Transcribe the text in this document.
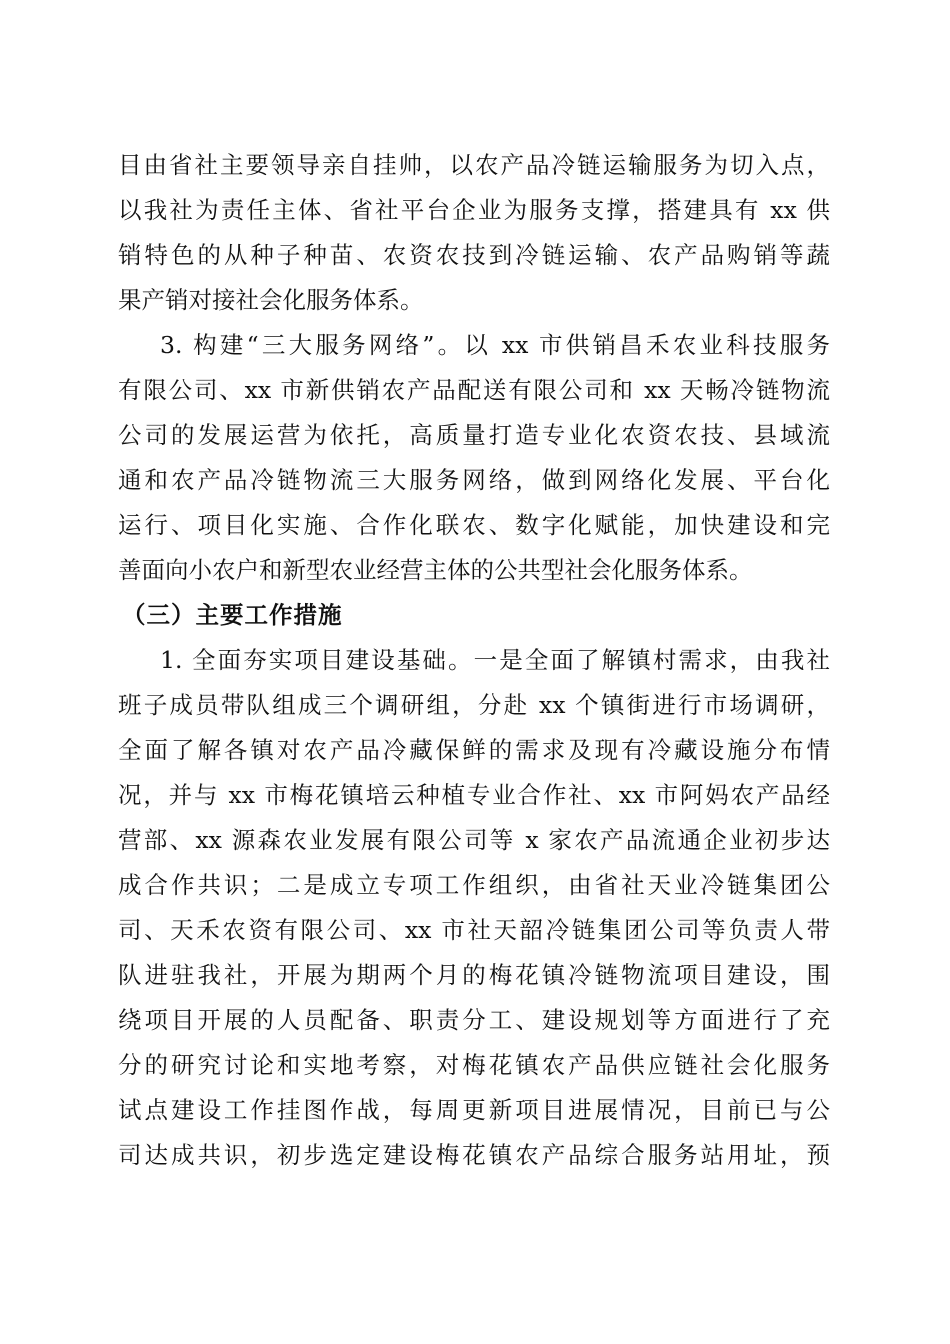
目由省社主要领导亲自挂帅，以农产品冷链运输服务为切入点，
以我社为责任主体、省社平台企业为服务支撑，搭建具有 xx 供
销特色的从种子种苗、农资农技到冷链运输、农产品购销等蔬
果产销对接社会化服务体系。
3. 构建“三大服务网络”。以 xx 市供销昌禾农业科技服务
有限公司、xx 市新供销农产品配送有限公司和 xx 天畅冷链物流
公司的发展运营为依托，高质量打造专业化农资农技、县域流
通和农产品冷链物流三大服务网络，做到网络化发展、平台化
运行、项目化实施、合作化联农、数字化赋能，加快建设和完
善面向小农户和新型农业经营主体的公共型社会化服务体系。
（三）主要工作措施
1. 全面夯实项目建设基础。一是全面了解镇村需求，由我社
班子成员带队组成三个调研组，分赴 xx 个镇街进行市场调研，
全面了解各镇对农产品冷藏保鲜的需求及现有冷藏设施分布情
况，并与 xx 市梅花镇培云种植专业合作社、xx 市阿妈农产品经
营部、xx 源森农业发展有限公司等 x 家农产品流通企业初步达
成合作共识；二是成立专项工作组织，由省社天业冷链集团公
司、天禾农资有限公司、xx 市社天韶冷链集团公司等负责人带
队进驻我社，开展为期两个月的梅花镇冷链物流项目建设，围
绕项目开展的人员配备、职责分工、建设规划等方面进行了充
分的研究讨论和实地考察，对梅花镇农产品供应链社会化服务
试点建设工作挂图作战，每周更新项目进展情况，目前已与公
司达成共识，初步选定建设梅花镇农产品综合服务站用址，预
